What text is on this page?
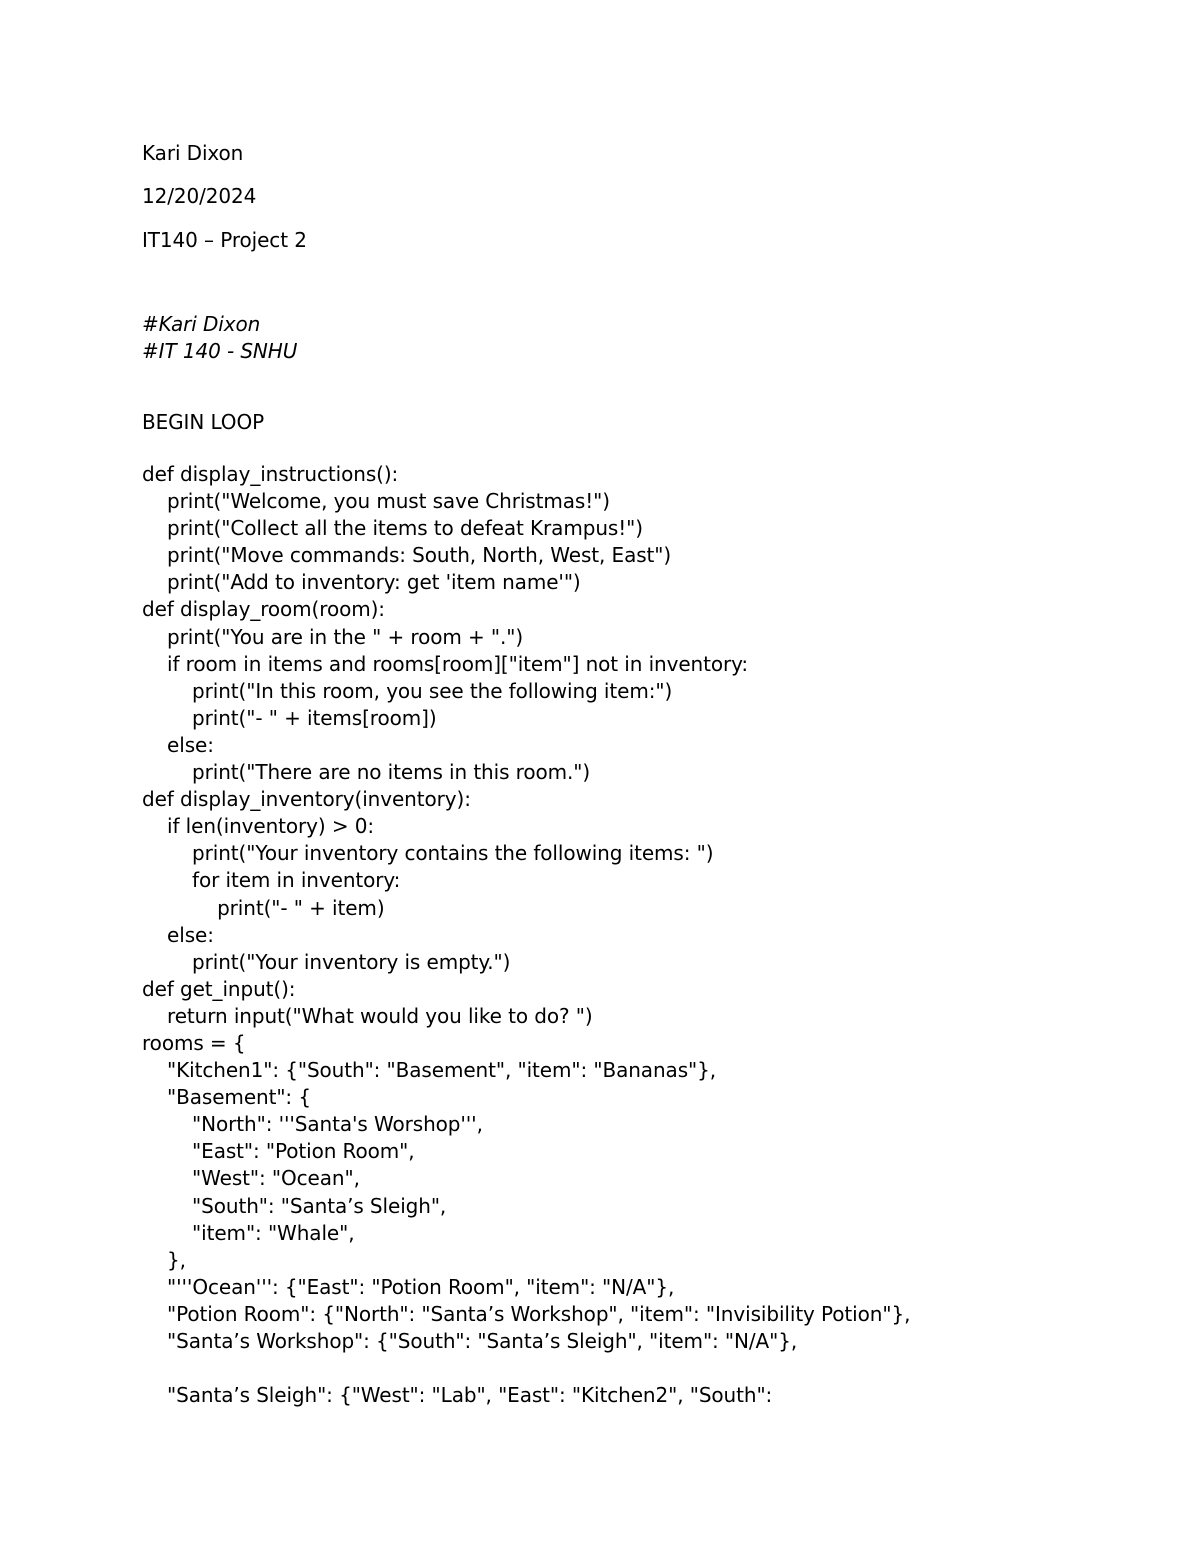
Kari Dixon
12/20/2024
IT140 – Project 2
#Kari Dixon
#IT 140 - SNHU
BEGIN LOOP
def display_instructions():
print("Welcome, you must save Christmas!")
print("Collect all the items to defeat Krampus!")
print("Move commands: South, North, West, East")
print("Add to inventory: get 'item name'")
def display_room(room):
print("You are in the " + room + ".")
if room in items and rooms[room]["item"] not in inventory:
print("In this room, you see the following item:")
print("- " + items[room])
else:
print("There are no items in this room.")
def display_inventory(inventory):
if len(inventory) > 0:
print("Your inventory contains the following items: ")
for item in inventory:
print("- " + item)
else:
print("Your inventory is empty.")
def get_input():
return input("What would you like to do? ")
rooms = {
"Kitchen1": {"South": "Basement", "item": "Bananas"},
"Basement": {
"North": '''Santa's Worshop''',
"East": "Potion Room",
"West": "Ocean",
"South": "Santa’s Sleigh",
"item": "Whale",
},
"'''Ocean''': {"East": "Potion Room", "item": "N/A"},
"Potion Room": {"North": "Santa’s Workshop", "item": "Invisibility Potion"},
"Santa’s Workshop": {"South": "Santa’s Sleigh", "item": "N/A"},
"Santa’s Sleigh": {"West": "Lab", "East": "Kitchen2", "South":
